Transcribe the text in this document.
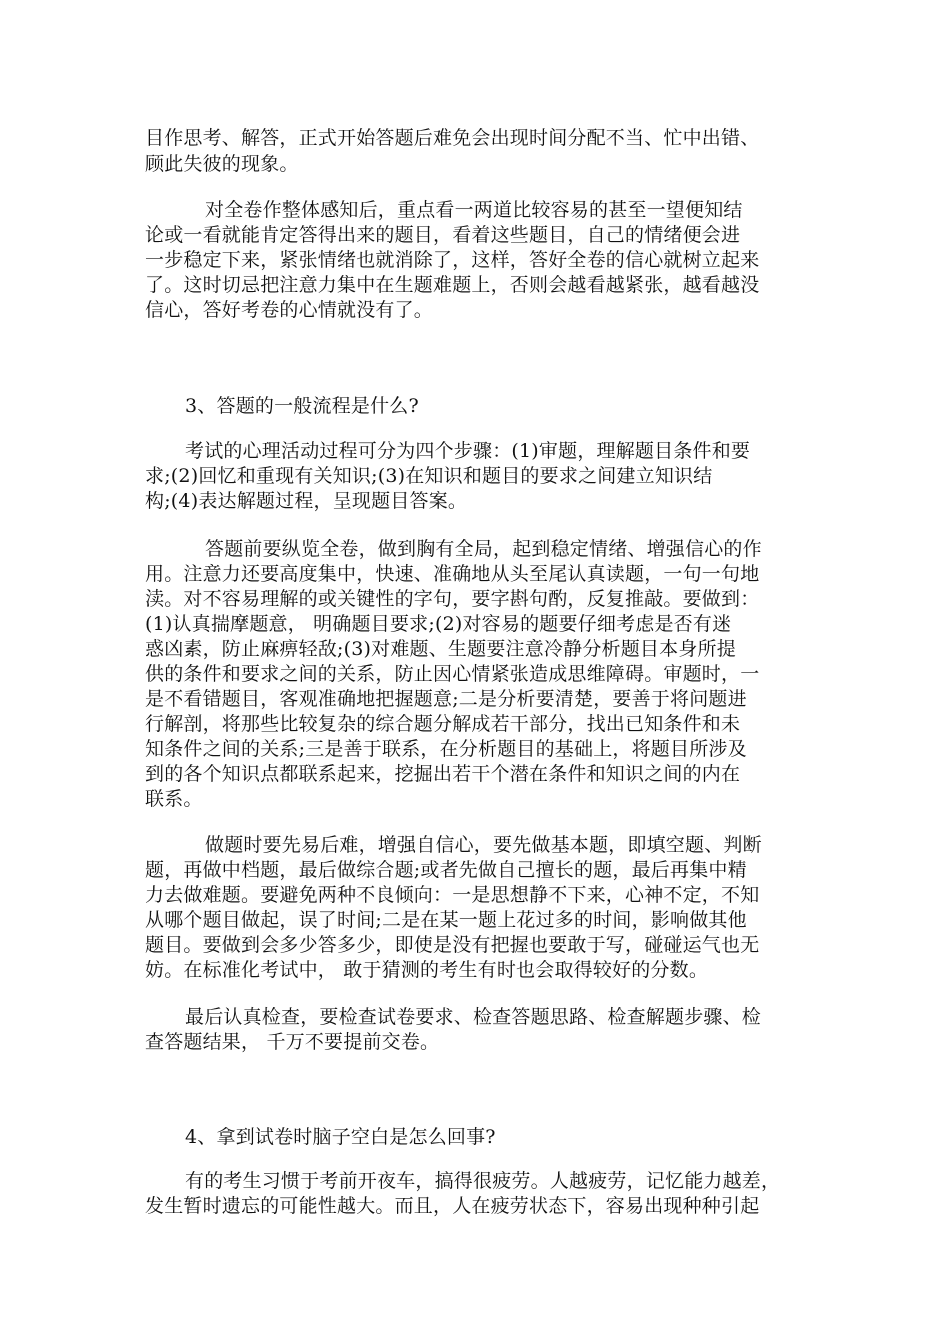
目作思考、解答，正式开始答题后难免会出现时间分配不当、忙中出错、
顾此失彼的现象。
对全卷作整体感知后，重点看一两道比较容易的甚至一望便知结
论或一看就能肯定答得出来的题目，看着这些题目，自己的情绪便会进
一步稳定下来，紧张情绪也就消除了，这样，答好全卷的信心就树立起来
了。这时切忌把注意力集中在生题难题上，否则会越看越紧张，越看越没
信心，答好考卷的心情就没有了。
3、答题的一般流程是什么?
考试的心理活动过程可分为四个步骤：(1)审题，理解题目条件和要
求;(2)回忆和重现有关知识;(3)在知识和题目的要求之间建立知识结
构;(4)表达解题过程，呈现题目答案。
答题前要纵览全卷，做到胸有全局，起到稳定情绪、增强信心的作
用。注意力还要高度集中，快速、准确地从头至尾认真读题，一句一句地
渎。对不容易理解的或关键性的字句，要字斟句酌，反复推敲。要做到：
(1)认真揣摩题意， 明确题目要求;(2)对容易的题要仔细考虑是否有迷
惑凶素，防止麻痹轻敌;(3)对难题、生题要注意冷静分析题目本身所提
供的条件和要求之间的关系，防止因心情紧张造成思维障碍。审题时，一
是不看错题目，客观准确地把握题意;二是分析要清楚，要善于将问题进
行解剖，将那些比较复杂的综合题分解成若干部分，找出已知条件和未
知条件之间的关系;三是善于联系，在分析题目的基础上，将题目所涉及
到的各个知识点都联系起来，挖掘出若干个潜在条件和知识之间的内在
联系。
做题时要先易后难，增强自信心，要先做基本题，即填空题、判断
题，再做中档题，最后做综合题;或者先做自己擅长的题，最后再集中精
力去做难题。要避免两种不良倾向：一是思想静不下来，心神不定，不知
从哪个题目做起，误了时间;二是在某一题上花过多的时间，影响做其他
题目。要做到会多少答多少，即使是没有把握也要敢于写，碰碰运气也无
妨。在标准化考试中， 敢于猜测的考生有时也会取得较好的分数。
最后认真检查，要检查试卷要求、检查答题思路、检查解题步骤、检
查答题结果， 千万不要提前交卷。
4、拿到试卷时脑子空白是怎么回事?
有的考生习惯于考前开夜车，搞得很疲劳。人越疲劳，记忆能力越差，
发生暂时遗忘的可能性越大。而且，人在疲劳状态下，容易出现种种引起
